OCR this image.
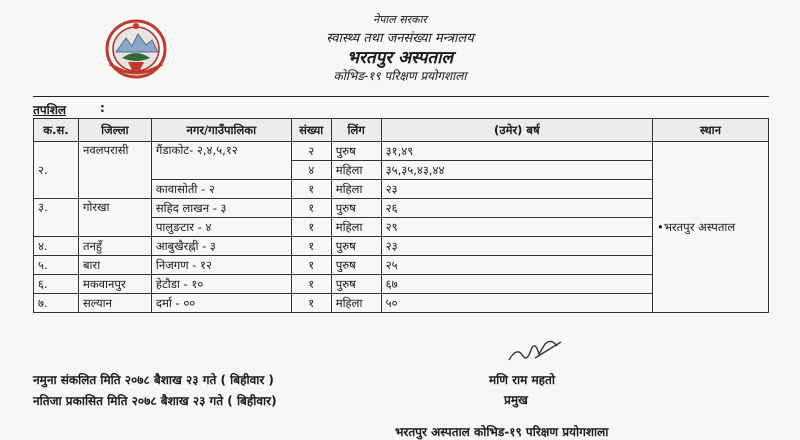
नेपाल सरकार
स्वास्थ्य तथा जनसंख्या मन्त्रालय
भरतपुर अस्पताल
कोभिड-१९ परिक्षण प्रयोगशाला
तपशिल	:
क.स.	जिल्ला	नगर/गाउँपालिका	संख्या	लिंग	(उमेर) बर्ष	स्थान
२.	नवलपरासी	गैंडाकोट- २,४,५,१२	२	पुरुष	३१,४९	•भरतपुर अस्पताल
			४	महिला	३५,३५,४३,४४	
		कावासोती - २	१	महिला	२३	
३.	गोरखा	सहिद लाखन - ३	१	पुरुष	२६	
		पालुङटार - ४	१	महिला	२९	
४.	तनहुँ	आबुखैरह्नी - ३	१	पुरुष	२३	
५.	बारा	निजगण - १२	१	पुरुष	२५	
६.	मकवानपुर	हेटौडा - १०	१	पुरुष	६७	
७.	सल्यान	दर्मा - ००	१	महिला	५०	
नमुना संकलित मिति २०७८ बैशाख २३ गते ( बिहीवार )
नतिजा प्रकासित मिति २०७८ बैशाख २३ गते ( बिहीवार)
मणि राम महतो
प्रमुख
भरतपुर अस्पताल कोभिड-१९ परिक्षण प्रयोगशाला
